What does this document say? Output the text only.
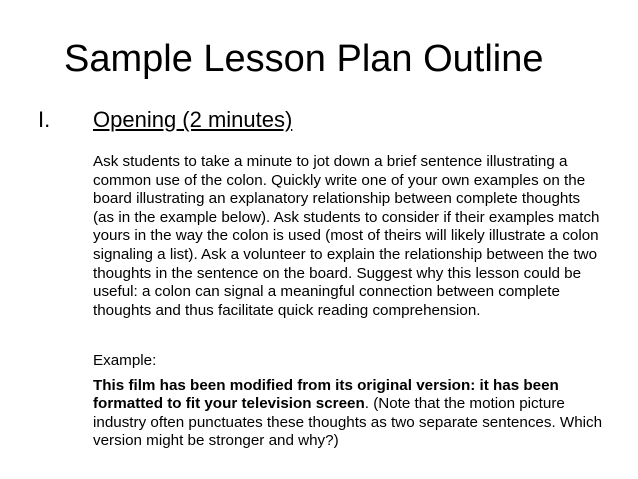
Sample Lesson Plan Outline
I. Opening (2 minutes)

Ask students to take a minute to jot down a brief sentence illustrating a common use of the colon. Quickly write one of your own examples on the board illustrating an explanatory relationship between complete thoughts (as in the example below). Ask students to consider if their examples match yours in the way the colon is used (most of theirs will likely illustrate a colon signaling a list). Ask a volunteer to explain the relationship between the two thoughts in the sentence on the board. Suggest why this lesson could be useful: a colon can signal a meaningful connection between complete thoughts and thus facilitate quick reading comprehension.

Example:

This film has been modified from its original version: it has been formatted to fit your television screen. (Note that the motion picture industry often punctuates these thoughts as two separate sentences. Which version might be stronger and why?)
